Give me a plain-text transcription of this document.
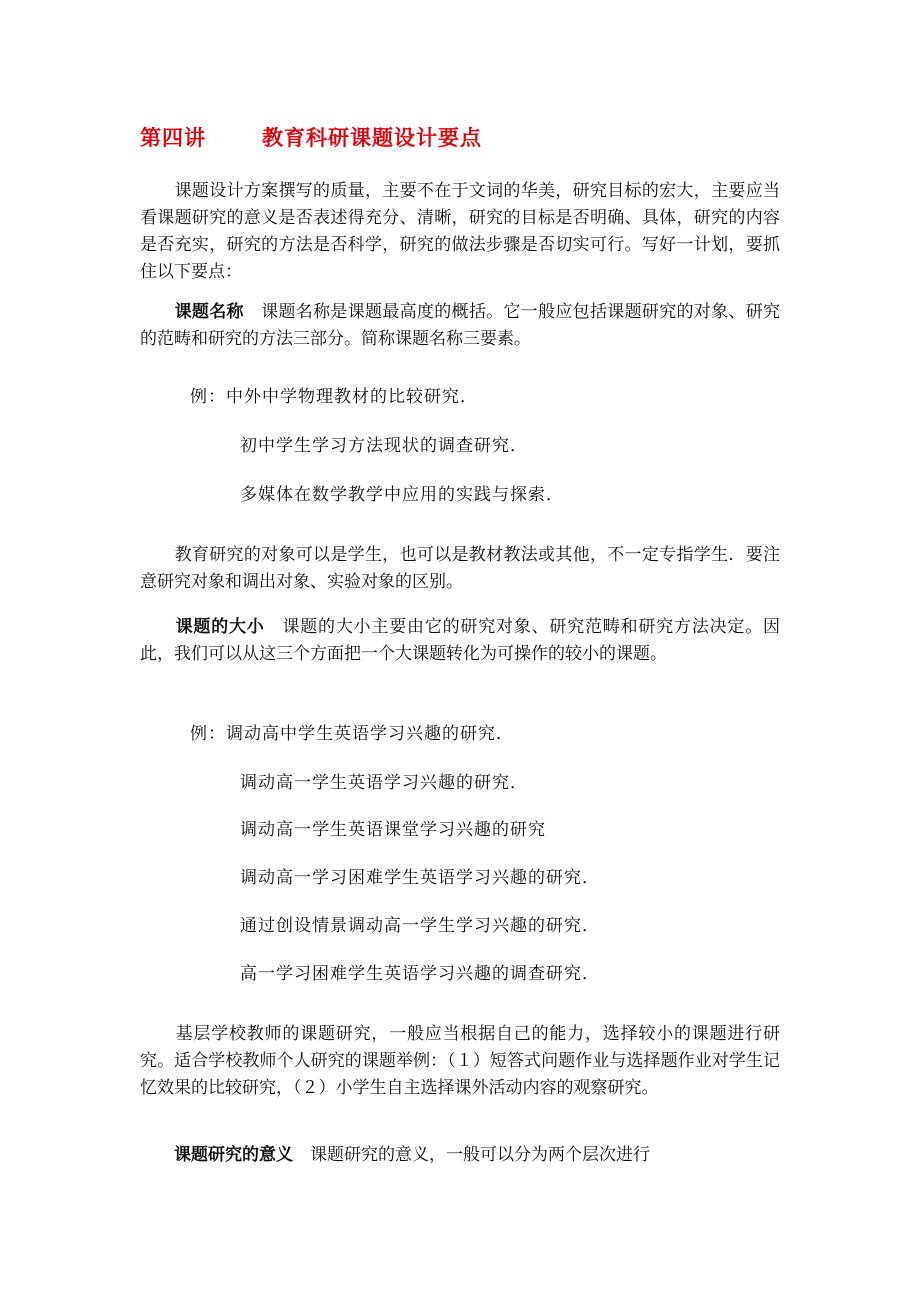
第四讲	教育科研课题设计要点

　　课题设计方案撰写的质量，主要不在于文词的华美，研究目标的宏大，主要应当看课题研究的意义是否表述得充分、清晰，研究的目标是否明确、具体，研究的内容是否充实，研究的方法是否科学，研究的做法步骤是否切实可行。写好一计划，要抓住以下要点：

　　课题名称　 课题名称是课题最高度的概括。它一般应包括课题研究的对象、研究的范畴和研究的方法三部分。简称课题名称三要素。

例：中外中学物理教材的比较研究．
初中学生学习方法现状的调查研究．
多媒体在数学教学中应用的实践与探索．

　　教育研究的对象可以是学生，也可以是教材教法或其他，不一定专指学生．要注意研究对象和调出对象、实验对象的区别。

　　课题的大小　 课题的大小主要由它的研究对象、研究范畴和研究方法决定。因此，我们可以从这三个方面把一个大课题转化为可操作的较小的课题。

例：调动高中学生英语学习兴趣的研究．
调动高一学生英语学习兴趣的研究．
调动高一学生英语课堂学习兴趣的研究
调动高一学习困难学生英语学习兴趣的研究．
通过创设情景调动高一学生学习兴趣的研究．
高一学习困难学生英语学习兴趣的调查研究．

　　基层学校教师的课题研究，一般应当根据自己的能力，选择较小的课题进行研究。适合学校教师个人研究的课题举例：（１）短答式问题作业与选择题作业对学生记忆效果的比较研究，（２）小学生自主选择课外活动内容的观察研究。

　　课题研究的意义　 课题研究的意义，一般可以分为两个层次进行
